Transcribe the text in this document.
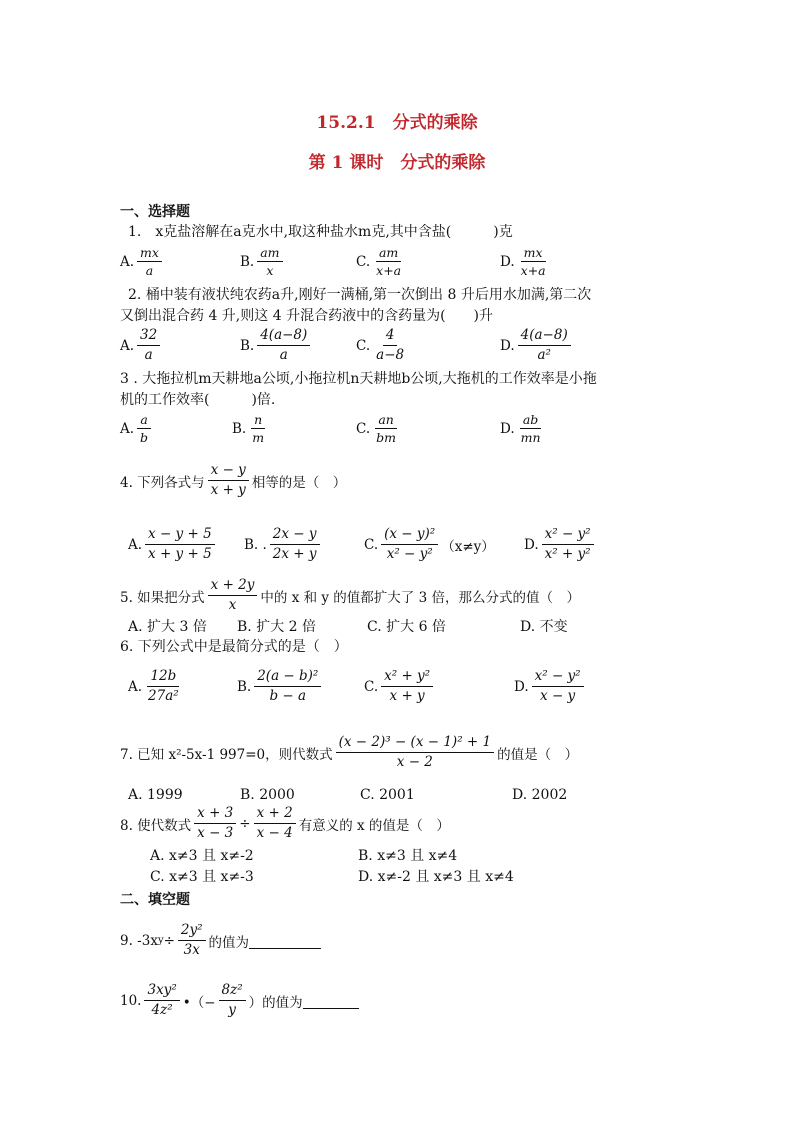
15.2.1　分式的乘除
第 1 课时　分式的乘除
一、选择题
1.　x克盐溶解在a克水中,取这种盐水m克,其中含盐(　　　)克
A. $\frac{mx}{a}$	B. $\frac{am}{x}$	C. $\frac{am}{x+a}$	D. $\frac{mx}{x+a}$
2. 桶中装有液状纯农药a升,刚好一满桶,第一次倒出 8 升后用水加满,第二次
又倒出混合药 4 升,则这 4 升混合药液中的含药量为(　　)升
A. $\frac{32}{a}$	B. $\frac{4(a-8)}{a}$	C. $\frac{4}{a-8}$	D. $\frac{4(a-8)}{\text{a²}}$
3 . 大拖拉机m天耕地a公顷,小拖拉机n天耕地b公顷,大拖机的工作效率是小拖
机的工作效率(　　　)倍.
A. $\frac{a}{b}$	B. $\frac{n}{m}$	C. $\frac{an}{bm}$	D. $\frac{ab}{mn}$
4. 下列各式与 $\frac{x - y}{x + y}$ 相等的是（　）
A. $\frac{x - y + 5}{x + y + 5} B$. . $\frac{2x - y}{2x + y}$	C. $\frac{\text{(x − y)²}}{\text{x² − y²}} (x\ne y)$ D. $\frac{\text{x² − y²}}{\text{x² + y²}}$
5. 如果把分式 $\frac{x + 2y}{x}$ 中的 x 和 y 的值都扩大了 3 倍，那么分式的值（　）
A. 扩大 3 倍 B. 扩大 2 倍	C. 扩大 6 倍	D. 不变
6. 下列公式中是最简分式的是（　）
A. $\frac{12b}{\text{27a²}}$	B. $\frac{\text{2(a − b)²}}{b - a}$	C. $\frac{\text{x² + y²}}{x + y}$	D. $\frac{\text{x² − y²}}{x - y}$
7. 已知 x²-5x-1 997=0，则代数式 $\frac{\text{(x − 2)³ − (x − 1)² + 1}}{x - 2}$ 的值是（　）
A. 1999	B. 2000	C. 2001	D. 2002
8. 使代数式 $\frac{x + 3}{x - 3} \div \frac{x + 2}{x - 4}$ 有意义的 x 的值是（　）
A. x≠3 且 x≠-2	B. x≠3 且 x≠4
C. x≠3 且 x≠-3	D. x≠-2 且 x≠3 且 x≠4
二、填空题
9. -3x $y \div \frac{\text{2y²}}{3x}$ 的值为
10. $\frac{\text{3xy²}}{\text{4z²}}$ •（− $\frac{\text{8z²}}{y}$ ）的值为
